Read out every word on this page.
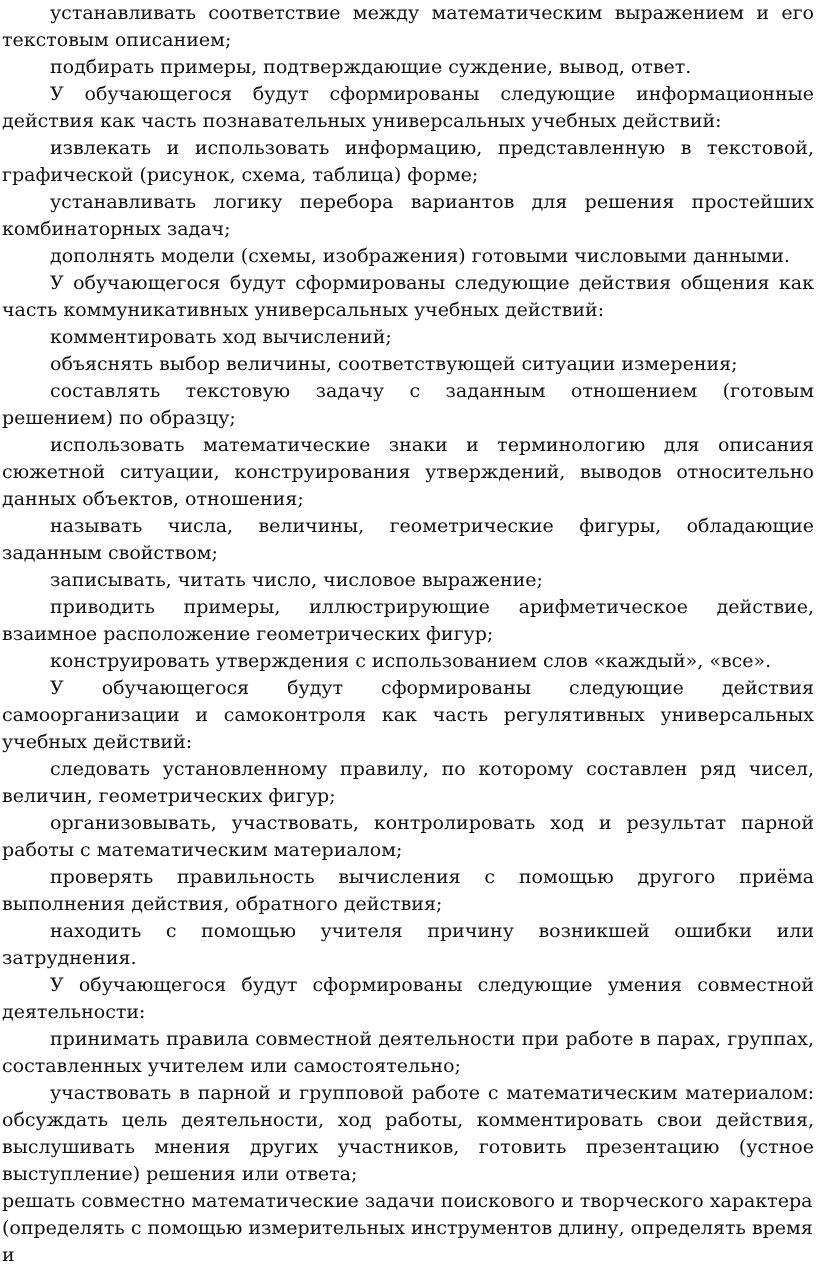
устанавливать соответствие между математическим выражением и его текстовым описанием;

подбирать примеры, подтверждающие суждение, вывод, ответ.

У обучающегося будут сформированы следующие информационные действия как часть познавательных универсальных учебных действий:

извлекать и использовать информацию, представленную в текстовой, графической (рисунок, схема, таблица) форме;

устанавливать логику перебора вариантов для решения простейших комбинаторных задач;

дополнять модели (схемы, изображения) готовыми числовыми данными.

У обучающегося будут сформированы следующие действия общения как часть коммуникативных универсальных учебных действий:

комментировать ход вычислений;

объяснять выбор величины, соответствующей ситуации измерения;

составлять текстовую задачу с заданным отношением (готовым решением) по образцу;

использовать математические знаки и терминологию для описания сюжетной ситуации, конструирования утверждений, выводов относительно данных объектов, отношения;

называть числа, величины, геометрические фигуры, обладающие заданным свойством;

записывать, читать число, числовое выражение;

приводить примеры, иллюстрирующие арифметическое действие, взаимное расположение геометрических фигур;

конструировать утверждения с использованием слов «каждый», «все».

У обучающегося будут сформированы следующие действия самоорганизации и самоконтроля как часть регулятивных универсальных учебных действий:

следовать установленному правилу, по которому составлен ряд чисел, величин, геометрических фигур;

организовывать, участвовать, контролировать ход и результат парной работы с математическим материалом;

проверять правильность вычисления с помощью другого приёма выполнения действия, обратного действия;

находить с помощью учителя причину возникшей ошибки или затруднения.

У обучающегося будут сформированы следующие умения совместной деятельности:

принимать правила совместной деятельности при работе в парах, группах, составленных учителем или самостоятельно;

участвовать в парной и групповой работе с математическим материалом: обсуждать цель деятельности, ход работы, комментировать свои действия, выслушивать мнения других участников, готовить презентацию (устное выступление) решения или ответа;

решать совместно математические задачи поискового и творческого характера (определять с помощью измерительных инструментов длину, определять время и
